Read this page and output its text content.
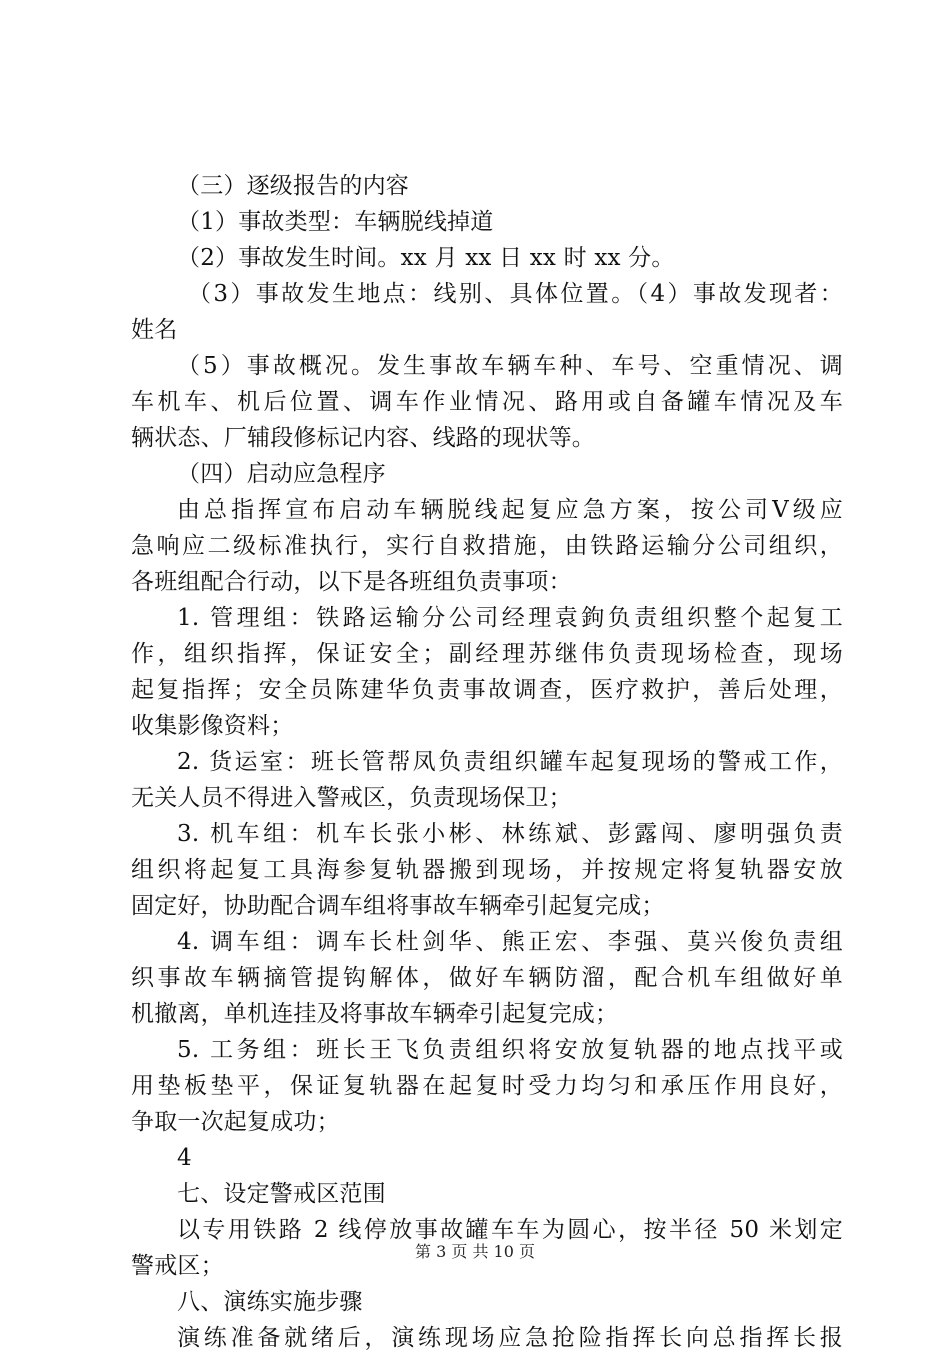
（三）逐级报告的内容
（1）事故类型：车辆脱线掉道
（2）事故发生时间。xx 月 xx 日 xx 时 xx 分。
（3）事故发生地点：线别、具体位置。（4）事故发现者：
姓名
（5）事故概况。发生事故车辆车种、车号、空重情况、调
车机车、机后位置、调车作业情况、路用或自备罐车情况及车
辆状态、厂辅段修标记内容、线路的现状等。
（四）启动应急程序
由总指挥宣布启动车辆脱线起复应急方案，按公司Ⅴ级应
急响应二级标准执行，实行自救措施，由铁路运输分公司组织，
各班组配合行动，以下是各班组负责事项：
1. 管理组：铁路运输分公司经理袁鉤负责组织整个起复工
作，组织指挥，保证安全；副经理苏继伟负责现场检查，现场
起复指挥；安全员陈建华负责事故调查，医疗救护，善后处理，
收集影像资料；
2. 货运室：班长管帮凤负责组织罐车起复现场的警戒工作，
无关人员不得进入警戒区，负责现场保卫；
3. 机车组：机车长张小彬、林练斌、彭露闯、廖明强负责
组织将起复工具海参复轨器搬到现场，并按规定将复轨器安放
固定好，协助配合调车组将事故车辆牵引起复完成；
4. 调车组：调车长杜剑华、熊正宏、李强、莫兴俊负责组
织事故车辆摘管提钩解体，做好车辆防溜，配合机车组做好单
机撤离，单机连挂及将事故车辆牵引起复完成；
5. 工务组：班长王飞负责组织将安放复轨器的地点找平或
用垫板垫平，保证复轨器在起复时受力均匀和承压作用良好，
争取一次起复成功；
4
七、设定警戒区范围
以专用铁路 2 线停放事故罐车车为圆心，按半径 50 米划定
警戒区；
八、演练实施步骤
演练准备就绪后，演练现场应急抢险指挥长向总指挥长报
第 3 页 共 10 页
